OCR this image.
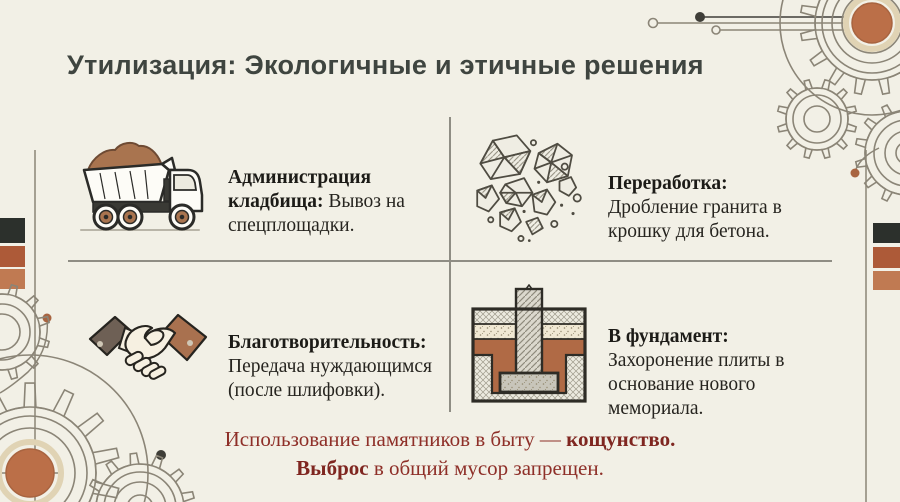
Утилизация: Экологичные и этичные решения

Администрация кладбища: Вывоз на спецплощадки.

Переработка: Дробление гранита в крошку для бетона.

Благотворительность: Передача нуждающимся (после шлифовки).

В фундамент: Захоронение плиты в основание нового мемориала.

Использование памятников в быту — кощунство.
Выброс в общий мусор запрещен.
